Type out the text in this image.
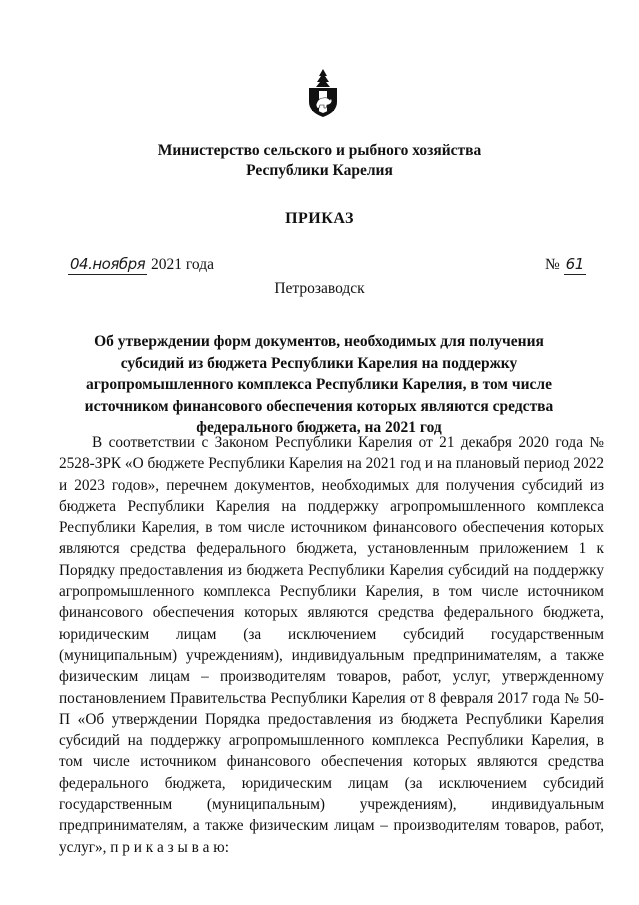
Министерство сельского и рыбного хозяйства
Республики Карелия
ПРИКАЗ
04.ноября 2021 года	№ 61
Петрозаводск
Об утверждении форм документов, необходимых для получения субсидий из бюджета Республики Карелия на поддержку агропромышленного комплекса Республики Карелия, в том числе источником финансового обеспечения которых являются средства федерального бюджета, на 2021 год

В соответствии с Законом Республики Карелия от 21 декабря 2020 года № 2528-ЗРК «О бюджете Республики Карелия на 2021 год и на плановый период 2022 и 2023 годов», перечнем документов, необходимых для получения субсидий из бюджета Республики Карелия на поддержку агропромышленного комплекса Республики Карелия, в том числе источником финансового обеспечения которых являются средства федерального бюджета, установленным приложением 1 к Порядку предоставления из бюджета Республики Карелия субсидий на поддержку агропромышленного комплекса Республики Карелия, в том числе источником финансового обеспечения которых являются средства федерального бюджета, юридическим лицам (за исключением субсидий государственным (муниципальным) учреждениям), индивидуальным предпринимателям, а также физическим лицам – производителям товаров, работ, услуг, утвержденному постановлением Правительства Республики Карелия от 8 февраля 2017 года № 50-П «Об утверждении Порядка предоставления из бюджета Республики Карелия субсидий на поддержку агропромышленного комплекса Республики Карелия, в том числе источником финансового обеспечения которых являются средства федерального бюджета, юридическим лицам (за исключением субсидий государственным (муниципальным) учреждениям), индивидуальным предпринимателям, а также физическим лицам – производителям товаров, работ, услуг», п р и к а з ы в а ю:
